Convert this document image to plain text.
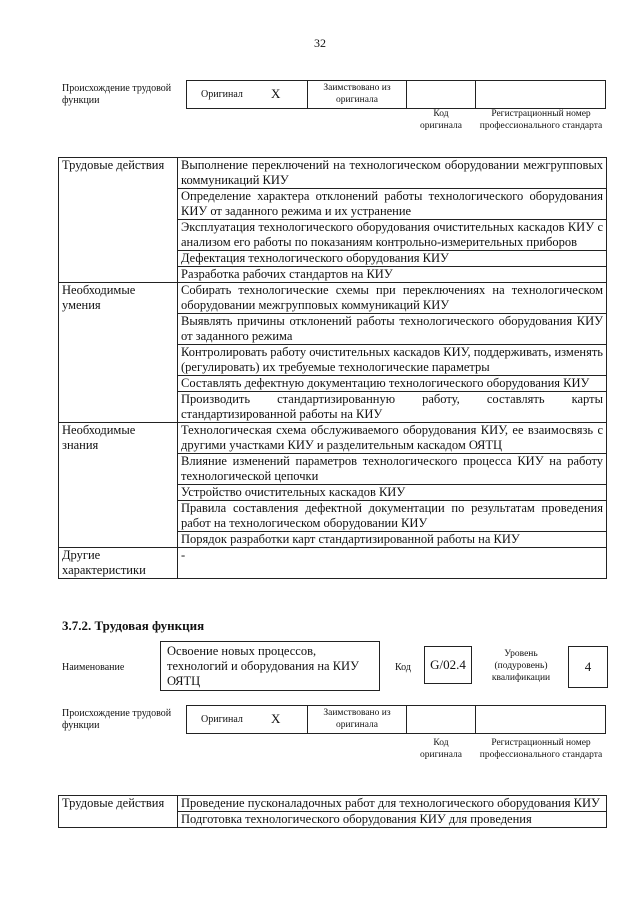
32
Происхождение трудовой функции
Оригинал X	Заимствовано из оригинала
Код оригинала
Регистрационный номер профессионального стандарта
Трудовые действия	Выполнение переключений на технологическом оборудовании межгрупповых коммуникаций КИУ
	Определение характера отклонений работы технологического оборудования КИУ от заданного режима и их устранение
	Эксплуатация технологического оборудования очистительных каскадов КИУ с анализом его работы по показаниям контрольно-измерительных приборов
	Дефектация технологического оборудования КИУ
	Разработка рабочих стандартов на КИУ
Необходимые умения	Собирать технологические схемы при переключениях на технологическом оборудовании межгрупповых коммуникаций КИУ
	Выявлять причины отклонений работы технологического оборудования КИУ от заданного режима
	Контролировать работу очистительных каскадов КИУ, поддерживать, изменять (регулировать) их требуемые технологические параметры
	Составлять дефектную документацию технологического оборудования КИУ
	Производить стандартизированную работу, составлять карты стандартизированной работы на КИУ
Необходимые знания	Технологическая схема обслуживаемого оборудования КИУ, ее взаимосвязь с другими участками КИУ и разделительным каскадом ОЯТЦ
	Влияние изменений параметров технологического процесса КИУ на работу технологической цепочки
	Устройство очистительных каскадов КИУ
	Правила составления дефектной документации по результатам проведения работ на технологическом оборудовании КИУ
	Порядок разработки карт стандартизированной работы на КИУ
Другие характеристики	-
3.7.2. Трудовая функция
Наименование
Освоение новых процессов, технологий и оборудования на КИУ ОЯТЦ
Код	G/02.4
Уровень (подуровень) квалификации
4
Происхождение трудовой функции
Оригинал X	Заимствовано из оригинала
Код оригинала
Регистрационный номер профессионального стандарта
Трудовые действия	Проведение пусконаладочных работ для технологического оборудования КИУ
Подготовка технологического оборудования КИУ для проведения
